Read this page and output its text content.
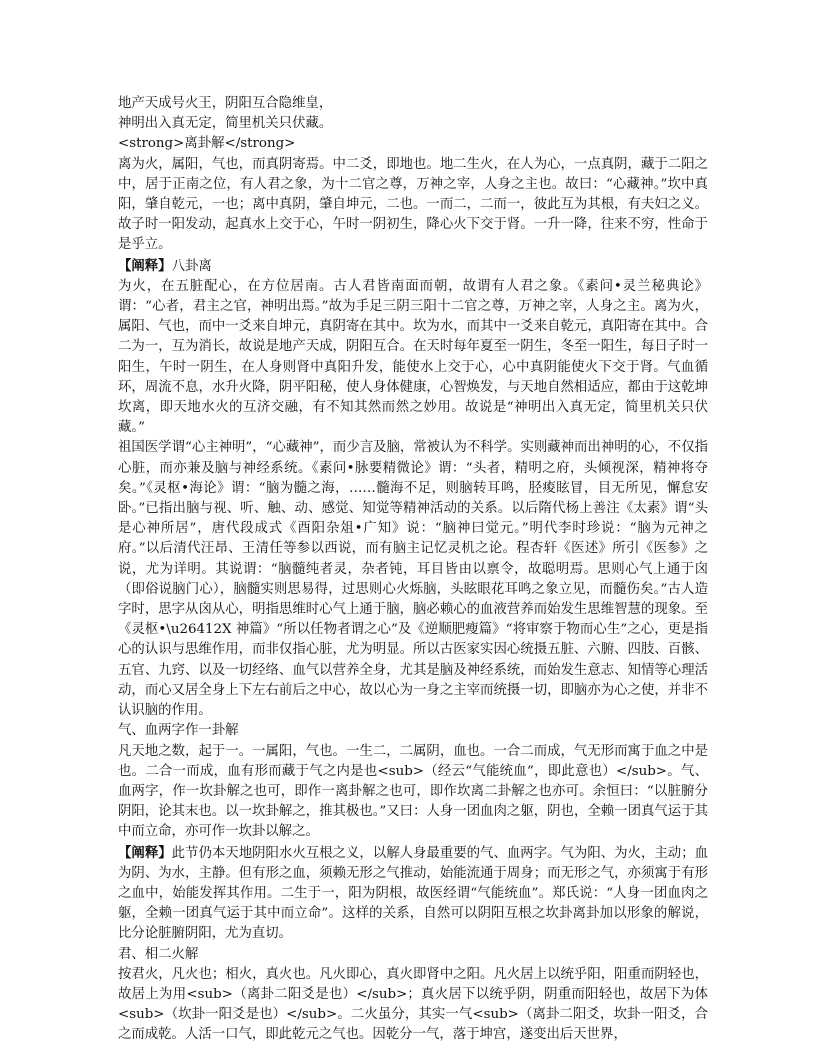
地产天成号火王，阴阳互合隐维皇，
神明出入真无定，简里机关只伏藏。
<strong>离卦解</strong>
离为火，属阳，气也，而真阴寄焉。中二爻，即地也。地二生火，在人为心，一点真阴，藏于二阳之中，居于正南之位，有人君之象，为十二官之尊，万神之宰，人身之主也。故曰：“心藏神。”坎中真阳，肇自乾元，一也；离中真阴，肇自坤元，二也。一而二，二而一，彼此互为其根，有夫妇之义。故子时一阳发动，起真水上交于心，午时一阴初生，降心火下交于肾。一升一降，往来不穷，性命于是乎立。
【阐释】八卦离
为火，在五脏配心，在方位居南。古人君皆南面而朝，故谓有人君之象。《素问•灵兰秘典论》谓：“心者，君主之官，神明出焉。”故为手足三阴三阳十二官之尊，万神之宰，人身之主。离为火，属阳、气也，而中一爻来自坤元，真阴寄在其中。坎为水，而其中一爻来自乾元，真阳寄在其中。合二为一，互为消长，故说是地产天成，阴阳互合。在天时每年夏至一阴生，冬至一阳生，每日子时一阳生，午时一阴生，在人身则肾中真阳升发，能使水上交于心，心中真阴能使火下交于肾。气血循环，周流不息，水升火降，阴平阳秘，使人身体健康，心智焕发，与天地自然相适应，都由于这乾坤坎离，即天地水火的互济交融，有不知其然而然之妙用。故说是“神明出入真无定，简里机关只伏藏。”
祖国医学谓“心主神明”，“心藏神”，而少言及脑，常被认为不科学。实则藏神而出神明的心，不仅指心脏，而亦兼及脑与神经系统。《素问•脉要精微论》谓：“头者，精明之府，头倾视深，精神将夺矣。”《灵枢•海论》谓：“脑为髓之海，……髓海不足，则脑转耳鸣，胫痠眩冒，目无所见，懈怠安卧。”已指出脑与视、听、触、动、感觉、知觉等精神活动的关系。以后隋代杨上善注《太素》谓“头是心神所居”，唐代段成式《酉阳杂俎•广知》说：“脑神曰觉元。”明代李时珍说：“脑为元神之府。”以后清代汪昂、王清任等参以西说，而有脑主记忆灵机之论。程杏轩《医述》所引《医参》之说，尤为详明。其说谓：“脑髓纯者灵，杂者钝，耳目皆由以禀令，故聪明焉。思则心气上通于囟（即俗说脑门心），脑髓实则思易得，过思则心火烁脑，头眩眼花耳鸣之象立见，而髓伤矣。”古人造字时，思字从囟从心，明指思维时心气上通于脑，脑必赖心的血液营养而始发生思维智慧的现象。至《灵枢•\u26412X 神篇》“所以任物者谓之心”及《逆顺肥瘦篇》“将审察于物而心生”之心，更是指心的认识与思维作用，而非仅指心脏，尤为明显。所以古医家实因心统摄五脏、六腑、四肢、百骸、五官、九窍、以及一切经络、血气以营养全身，尤其是脑及神经系统，而始发生意志、知情等心理活动，而心又居全身上下左右前后之中心，故以心为一身之主宰而统摄一切，即脑亦为心之使，并非不认识脑的作用。
气、血两字作一卦解
凡天地之数，起于一。一属阳，气也。一生二，二属阴，血也。一合二而成，气无形而寓于血之中是也。二合一而成，血有形而藏于气之内是也<sub>（经云“气能统血”，即此意也）</sub>。气、血两字，作一坎卦解之也可，即作一离卦解之也可，即作坎离二卦解之也亦可。余恒曰：“以脏腑分阴阳，论其末也。以一坎卦解之，推其极也。”又曰：人身一团血肉之躯，阴也，全赖一团真气运于其中而立命，亦可作一坎卦以解之。
【阐释】此节仍本天地阴阳水火互根之义，以解人身最重要的气、血两字。气为阳、为火，主动；血为阴、为水，主静。但有形之血，须赖无形之气推动，始能流通于周身；而无形之气，亦须寓于有形之血中，始能发挥其作用。二生于一，阳为阴根，故医经谓“气能统血”。郑氏说：“人身一团血肉之躯，全赖一团真气运于其中而立命”。这样的关系，自然可以阴阳互根之坎卦离卦加以形象的解说，比分论脏腑阴阳，尤为直切。
君、相二火解
按君火，凡火也；相火，真火也。凡火即心，真火即肾中之阳。凡火居上以统乎阳，阳重而阴轻也，故居上为用<sub>（离卦二阳爻是也）</sub>；真火居下以统乎阴，阴重而阳轻也，故居下为体<sub>（坎卦一阳爻是也）</sub>。二火虽分，其实一气<sub>（离卦二阳爻，坎卦一阳爻，合之而成乾。人活一口气，即此乾元之气也。因乾分一气，落于坤宫，遂变出后天世界，
